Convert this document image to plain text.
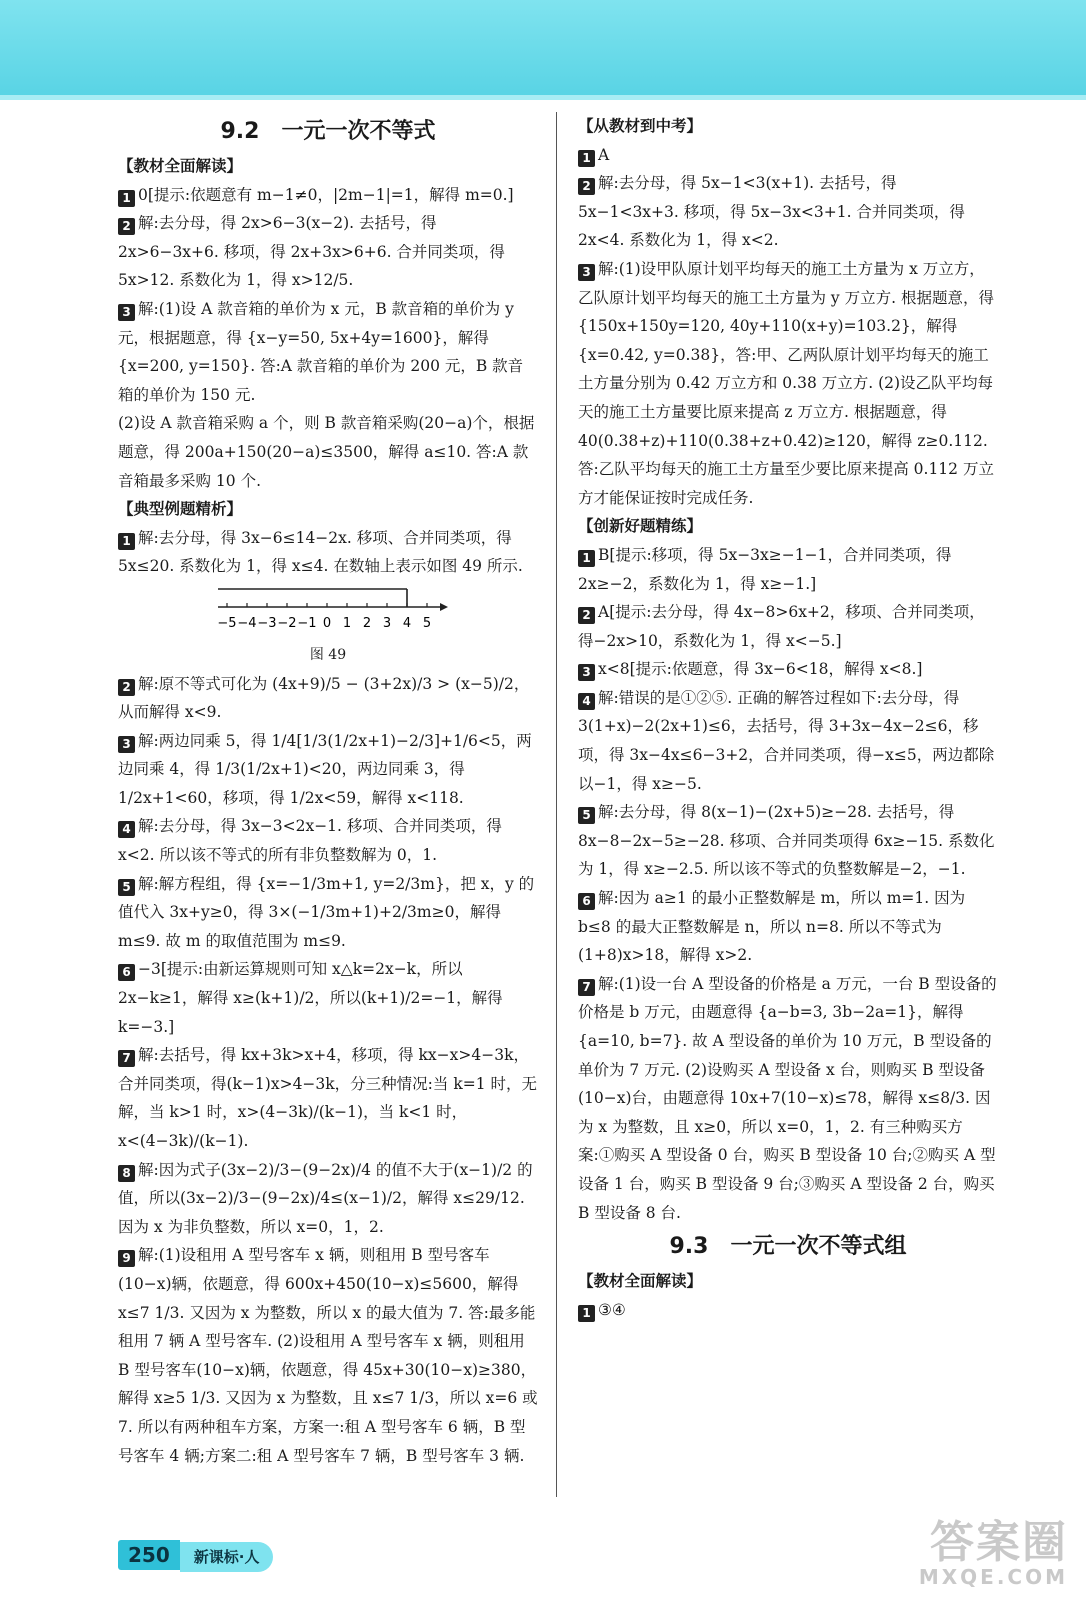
9.2　一元一次不等式
【教材全面解读】

1 0[提示:依题意有 m−1≠0，|2m−1|=1，解得 m=0.]

2 解:去分母，得 2x>6−3(x−2). 去括号，得 2x>6−3x+6. 移项，得 2x+3x>6+6. 合并同类项，得 5x>12. 系数化为 1，得 x>12/5.

3 解:(1)设 A 款音箱的单价为 x 元，B 款音箱的单价为 y 元，根据题意，得 {x−y=50, 5x+4y=1600}，解得 {x=200, y=150}. 答:A 款音箱的单价为 200 元，B 款音箱的单价为 150 元.

(2)设 A 款音箱采购 a 个，则 B 款音箱采购(20−a)个，根据题意，得 200a+150(20−a)≤3500，解得 a≤10. 答:A 款音箱最多采购 10 个.

【典型例题精析】

1 解:去分母，得 3x−6≤14−2x. 移项、合并同类项，得 5x≤20. 系数化为 1，得 x≤4. 在数轴上表示如图 49 所示.

−5 −4 −3 −2 −1 0 1 2 3 4 5
图 49

2 解:原不等式可化为 (4x+9)/5 − (3+2x)/3 > (x−5)/2，从而解得 x<9.

3 解:两边同乘 5，得 1/4[1/3(1/2x+1)−2/3]+1/6<5，两边同乘 4，得 1/3(1/2x+1)<20，两边同乘 3，得 1/2x+1<60，移项，得 1/2x<59，解得 x<118.

4 解:去分母，得 3x−3<2x−1. 移项、合并同类项，得 x<2. 所以该不等式的所有非负整数解为 0，1.

5 解:解方程组，得 {x=−1/3m+1, y=2/3m}，把 x，y 的值代入 3x+y≥0，得 3×(−1/3m+1)+2/3m≥0，解得 m≤9. 故 m 的取值范围为 m≤9.

6 −3[提示:由新运算规则可知 x△k=2x−k，所以 2x−k≥1，解得 x≥(k+1)/2，所以(k+1)/2=−1，解得 k=−3.]

7 解:去括号，得 kx+3k>x+4，移项，得 kx−x>4−3k，合并同类项，得(k−1)x>4−3k，分三种情况:当 k=1 时，无解，当 k>1 时，x>(4−3k)/(k−1)，当 k<1 时，x<(4−3k)/(k−1).

8 解:因为式子(3x−2)/3−(9−2x)/4 的值不大于(x−1)/2 的值，所以(3x−2)/3−(9−2x)/4≤(x−1)/2，解得 x≤29/12. 因为 x 为非负整数，所以 x=0，1，2.

9 解:(1)设租用 A 型号客车 x 辆，则租用 B 型号客车(10−x)辆，依题意，得 600x+450(10−x)≤5600，解得 x≤7 1/3. 又因为 x 为整数，所以 x 的最大值为 7. 答:最多能租用 7 辆 A 型号客车. (2)设租用 A 型号客车 x 辆，则租用 B 型号客车(10−x)辆，依题意，得 45x+30(10−x)≥380，解得 x≥5 1/3. 又因为 x 为整数，且 x≤7 1/3，所以 x=6 或 7. 所以有两种租车方案，方案一:租 A 型号客车 6 辆，B 型号客车 4 辆;方案二:租 A 型号客车 7 辆，B 型号客车 3 辆.

【从教材到中考】

1 A

2 解:去分母，得 5x−1<3(x+1). 去括号，得 5x−1<3x+3. 移项，得 5x−3x<3+1. 合并同类项，得 2x<4. 系数化为 1，得 x<2.

3 解:(1)设甲队原计划平均每天的施工土方量为 x 万立方，乙队原计划平均每天的施工土方量为 y 万立方. 根据题意，得 {150x+150y=120, 40y+110(x+y)=103.2}，解得 {x=0.42, y=0.38}，答:甲、乙两队原计划平均每天的施工土方量分别为 0.42 万立方和 0.38 万立方. (2)设乙队平均每天的施工土方量要比原来提高 z 万立方. 根据题意，得 40(0.38+z)+110(0.38+z+0.42)≥120，解得 z≥0.112. 答:乙队平均每天的施工土方量至少要比原来提高 0.112 万立方才能保证按时完成任务.

【创新好题精练】

1 B[提示:移项，得 5x−3x≥−1−1，合并同类项，得 2x≥−2，系数化为 1，得 x≥−1.]

2 A[提示:去分母，得 4x−8>6x+2，移项、合并同类项，得−2x>10，系数化为 1，得 x<−5.]

3 x<8[提示:依题意，得 3x−6<18，解得 x<8.]

4 解:错误的是①②⑤. 正确的解答过程如下:去分母，得 3(1+x)−2(2x+1)≤6，去括号，得 3+3x−4x−2≤6，移项，得 3x−4x≤6−3+2，合并同类项，得−x≤5，两边都除以−1，得 x≥−5.

5 解:去分母，得 8(x−1)−(2x+5)≥−28. 去括号，得 8x−8−2x−5≥−28. 移项、合并同类项得 6x≥−15. 系数化为 1，得 x≥−2.5. 所以该不等式的负整数解是−2，−1.

6 解:因为 a≥1 的最小正整数解是 m，所以 m=1. 因为 b≤8 的最大正整数解是 n，所以 n=8. 所以不等式为(1+8)x>18，解得 x>2.

7 解:(1)设一台 A 型设备的价格是 a 万元，一台 B 型设备的价格是 b 万元，由题意得 {a−b=3, 3b−2a=1}，解得 {a=10, b=7}. 故 A 型设备的单价为 10 万元，B 型设备的单价为 7 万元. (2)设购买 A 型设备 x 台，则购买 B 型设备(10−x)台，由题意得 10x+7(10−x)≤78，解得 x≤8/3. 因为 x 为整数，且 x≥0，所以 x=0，1，2. 有三种购买方案:①购买 A 型设备 0 台，购买 B 型设备 10 台;②购买 A 型设备 1 台，购买 B 型设备 9 台;③购买 A 型设备 2 台，购买 B 型设备 8 台.

9.3　一元一次不等式组
【教材全面解读】

1 ③④

250 新课标·人	答案圈
MXQE.COM
